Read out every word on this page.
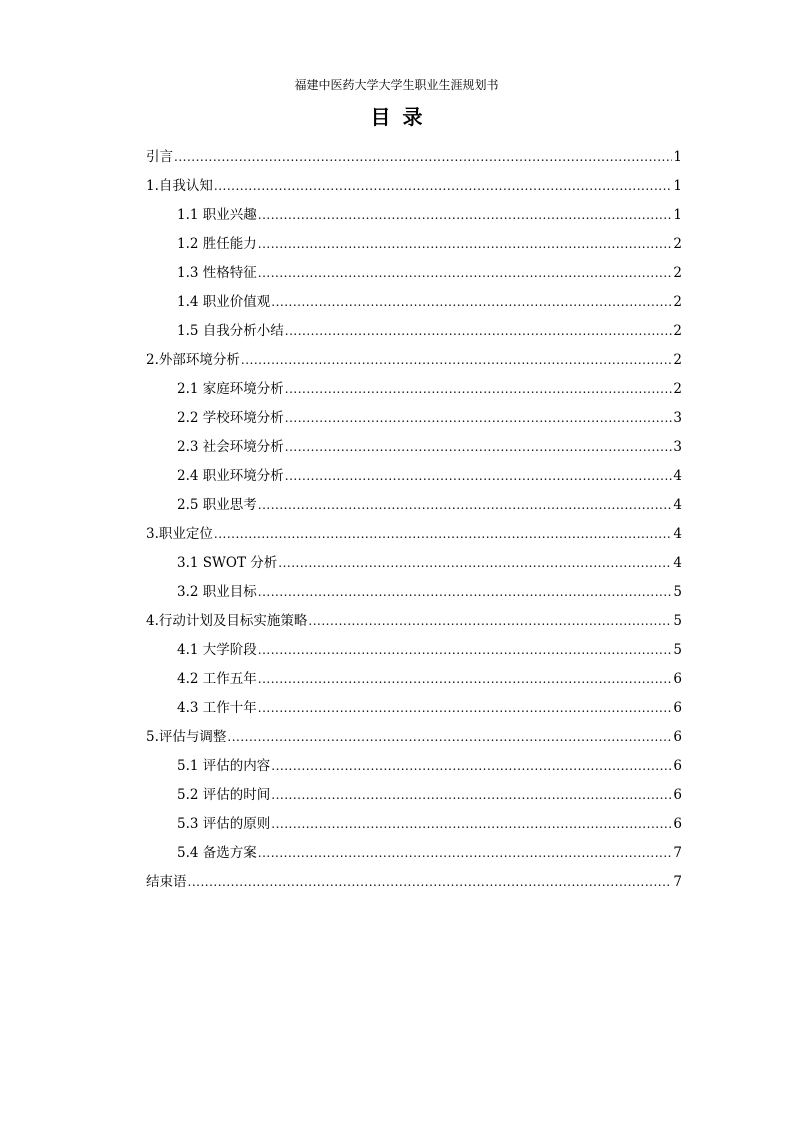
福建中医药大学大学生职业生涯规划书
目录
引言 .....	1
1.自我认知 .....	1
1.1 职业兴趣 .....	1
1.2 胜任能力 .....	2
1.3 性格特征 .....	2
1.4 职业价值观 .....	2
1.5 自我分析小结 .....	2
2.外部环境分析 .....	2
2.1 家庭环境分析 .....	2
2.2 学校环境分析 .....	3
2.3 社会环境分析 .....	3
2.4 职业环境分析 .....	4
2.5 职业思考 .....	4
3.职业定位 .....	4
3.1 SWOT 分析 .....	4
3.2 职业目标 .....	5
4.行动计划及目标实施策略 .....	5
4.1 大学阶段 .....	5
4.2 工作五年 .....	6
4.3 工作十年 .....	6
5.评估与调整 .....	6
5.1 评估的内容 .....	6
5.2 评估的时间 .....	6
5.3 评估的原则 .....	6
5.4 备选方案 .....	7
结束语 .....	7
